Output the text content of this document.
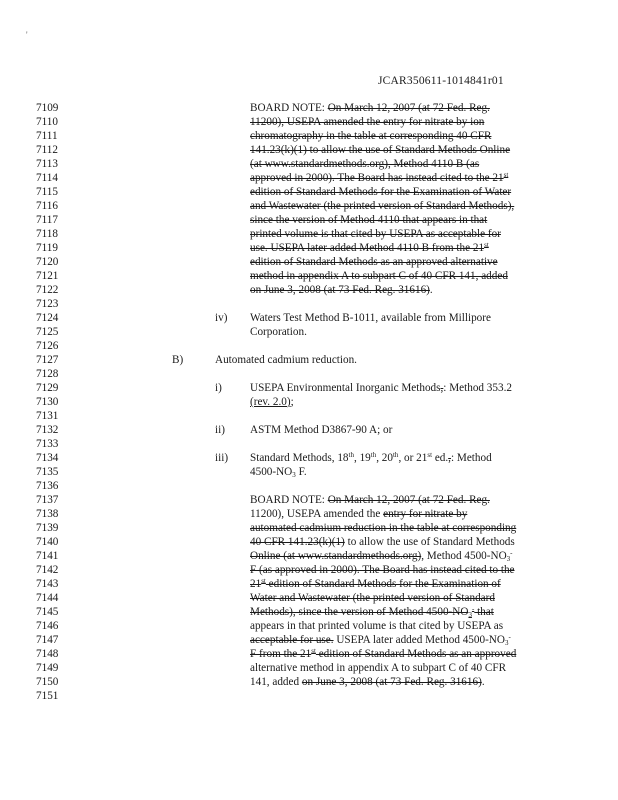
'
JCAR350611-1014841r01
7109
7110
7111
7112
7113
7114
7115
7116
7117
7118
7119
7120
7121
7122
7123
7124
7125
7126
7127
7128
7129
7130
7131
7132
7133
7134
7135
7136
7137
7138
7139
7140
7141
7142
7143
7144
7145
7146
7147
7148
7149
7150
7151
BOARD NOTE: On March 12, 2007 (at 72 Fed. Reg.
11200), USEPA amended the entry for nitrate by ion
chromatography in the table at corresponding 40 CFR
141.23(k)(1) to allow the use of Standard Methods Online
(at www.standardmethods.org), Method 4110 B (as
approved in 2000). The Board has instead cited to the 21st
edition of Standard Methods for the Examination of Water
and Wastewater (the printed version of Standard Methods),
since the version of Method 4110 that appears in that
printed volume is that cited by USEPA as acceptable for
use. USEPA later added Method 4110 B from the 21st
edition of Standard Methods as an approved alternative
method in appendix A to subpart C of 40 CFR 141, added
on June 3, 2008 (at 73 Fed. Reg. 31616).
iv) Waters Test Method B-1011, available from Millipore
Corporation.
B)	Automated cadmium reduction.
i)	USEPA Environmental Inorganic Methods,: Method 353.2
(rev. 2.0);
ii) ASTM Method D3867-90 A; or
iii) Standard Methods, 18th, 19th, 20th, or 21st ed.,: Method
$4500-NO_3$ F.
BOARD NOTE: On March 12, 2007 (at 72 Fed. Reg.
11200), USEPA amended the entry for nitrate by
automated cadmium reduction in the table at corresponding
40 CFR 141.23(k)(1) to allow the use of Standard Methods
Online (at www.standardmethods.org), Method $4500-NO_3^-$
F (as approved in 2000). The Board has instead cited to the
21st edition of Standard Methods for the Examination of
Water and Wastewater (the printed version of Standard
Methods), since the version of Method $4500-NO_3^-$ that
appears in that printed volume is that cited by USEPA as
acceptable for use. USEPA later added Method $4500-NO_3^-$
F from the 21st edition of Standard Methods as an approved
alternative method in appendix A to subpart C of 40 CFR
141, added on June 3, 2008 (at 73 Fed. Reg. 31616).
